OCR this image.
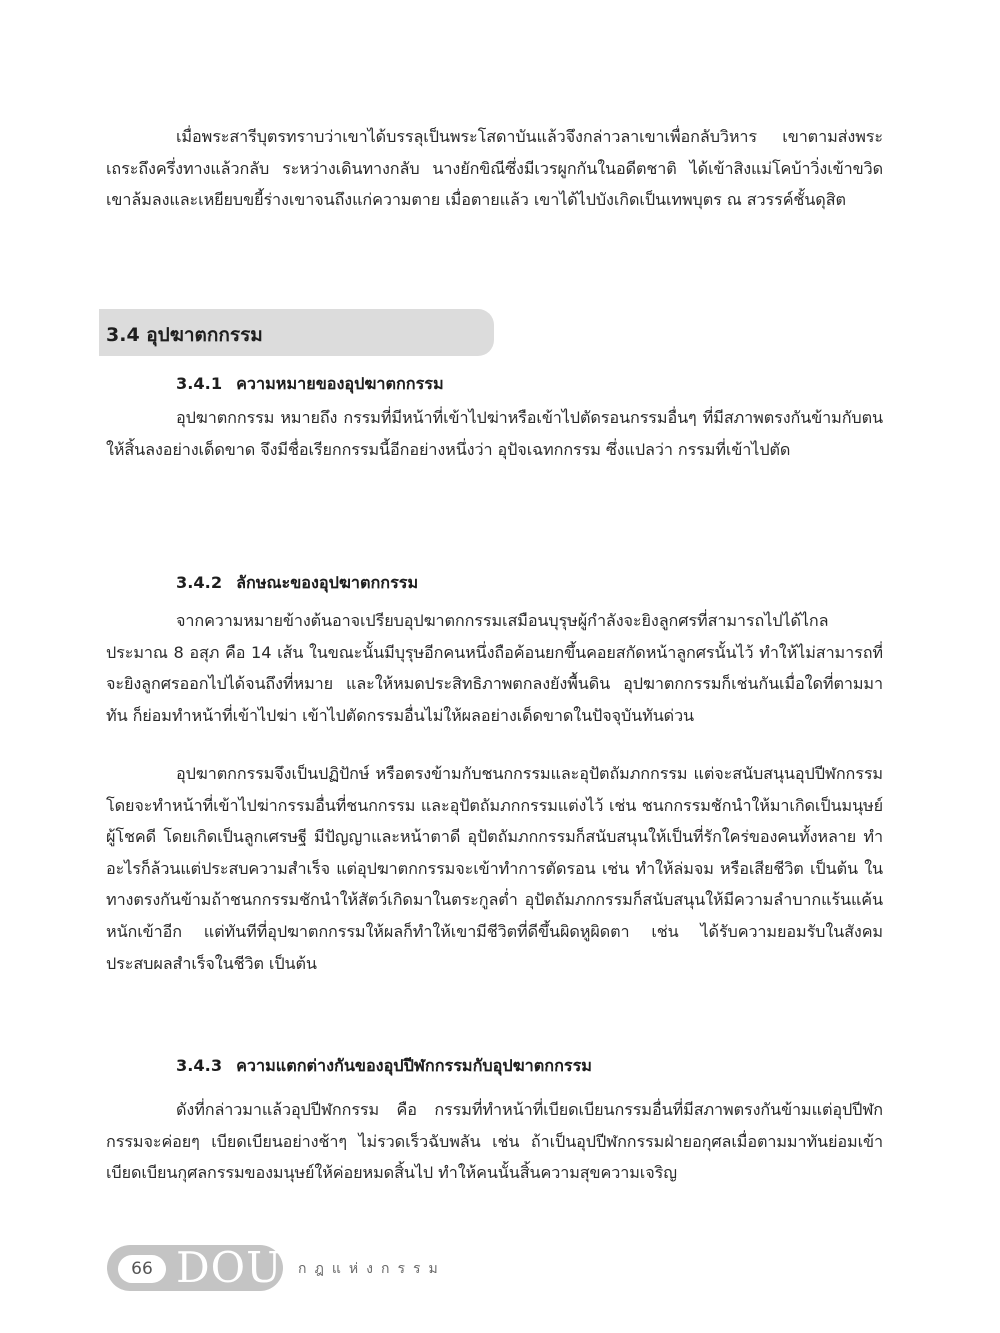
เมื่อพระสารีบุตรทราบว่าเขาได้บรรลุเป็นพระโสดาบันแล้วจึงกล่าวลาเขาเพื่อกลับวิหาร เขาตามส่งพระเถระถึงครึ่งทางแล้วกลับ ระหว่างเดินทางกลับ นางยักขิณีซึ่งมีเวรผูกกันในอดีตชาติ ได้เข้าสิงแม่โคบ้าวิ่งเข้าขวิดเขาล้มลงและเหยียบขยี้ร่างเขาจนถึงแก่ความตาย เมื่อตายแล้ว เขาได้ไปบังเกิดเป็นเทพบุตร ณ สวรรค์ชั้นดุสิต

3.4 อุปฆาตกกรรม
3.4.1 ความหมายของอุปฆาตกกรรม

อุปฆาตกกรรม หมายถึง กรรมที่มีหน้าที่เข้าไปฆ่าหรือเข้าไปตัดรอนกรรมอื่นๆ ที่มีสภาพตรงกันข้ามกับตนให้สิ้นลงอย่างเด็ดขาด จึงมีชื่อเรียกกรรมนี้อีกอย่างหนึ่งว่า อุปัจเฉทกกรรม ซึ่งแปลว่า กรรมที่เข้าไปตัด

3.4.2 ลักษณะของอุปฆาตกกรรม

จากความหมายข้างต้นอาจเปรียบอุปฆาตกกรรมเสมือนบุรุษผู้กำลังจะยิงลูกศรที่สามารถไปได้ไกลประมาณ 8 อสุภ คือ 14 เส้น ในขณะนั้นมีบุรุษอีกคนหนึ่งถือค้อนยกขึ้นคอยสกัดหน้าลูกศรนั้นไว้ ทำให้ไม่สามารถที่จะยิงลูกศรออกไปได้จนถึงที่หมาย และให้หมดประสิทธิภาพตกลงยังพื้นดิน อุปฆาตกกรรมก็เช่นกันเมื่อใดที่ตามมาทัน ก็ย่อมทำหน้าที่เข้าไปฆ่า เข้าไปตัดกรรมอื่นไม่ให้ผลอย่างเด็ดขาดในปัจจุบันทันด่วน

อุปฆาตกกรรมจึงเป็นปฏิปักษ์ หรือตรงข้ามกับชนกกรรมและอุปัตถัมภกกรรม แต่จะสนับสนุนอุปปีฬกกรรม โดยจะทำหน้าที่เข้าไปฆ่ากรรมอื่นที่ชนกกรรม และอุปัตถัมภกกรรมแต่งไว้ เช่น ชนกกรรมชักนำให้มาเกิดเป็นมนุษย์ผู้โชคดี โดยเกิดเป็นลูกเศรษฐี มีปัญญาและหน้าตาดี อุปัตถัมภกกรรมก็สนับสนุนให้เป็นที่รักใคร่ของคนทั้งหลาย ทำอะไรก็ล้วนแต่ประสบความสำเร็จ แต่อุปฆาตกกรรมจะเข้าทำการตัดรอน เช่น ทำให้ล่มจม หรือเสียชีวิต เป็นต้น ในทางตรงกันข้ามถ้าชนกกรรมชักนำให้สัตว์เกิดมาในตระกูลต่ำ อุปัตถัมภกกรรมก็สนับสนุนให้มีความลำบากแร้นแค้นหนักเข้าอีก แต่ทันทีที่อุปฆาตกกรรมให้ผลก็ทำให้เขามีชีวิตที่ดีขึ้นผิดหูผิดตา เช่น ได้รับความยอมรับในสังคม ประสบผลสำเร็จในชีวิต เป็นต้น

3.4.3 ความแตกต่างกันของอุปปีฬกกรรมกับอุปฆาตกกรรม

ดังที่กล่าวมาแล้วอุปปีฬกกรรม คือ กรรมที่ทำหน้าที่เบียดเบียนกรรมอื่นที่มีสภาพตรงกันข้ามแต่อุปปีฬกกรรมจะค่อยๆ เบียดเบียนอย่างช้าๆ ไม่รวดเร็วฉับพลัน เช่น ถ้าเป็นอุปปีฬกกรรมฝ่ายอกุศลเมื่อตามมาทันย่อมเข้าเบียดเบียนกุศลกรรมของมนุษย์ให้ค่อยหมดสิ้นไป ทำให้คนนั้นสิ้นความสุขความเจริญ

66 DOU กฎแห่งกรรม
